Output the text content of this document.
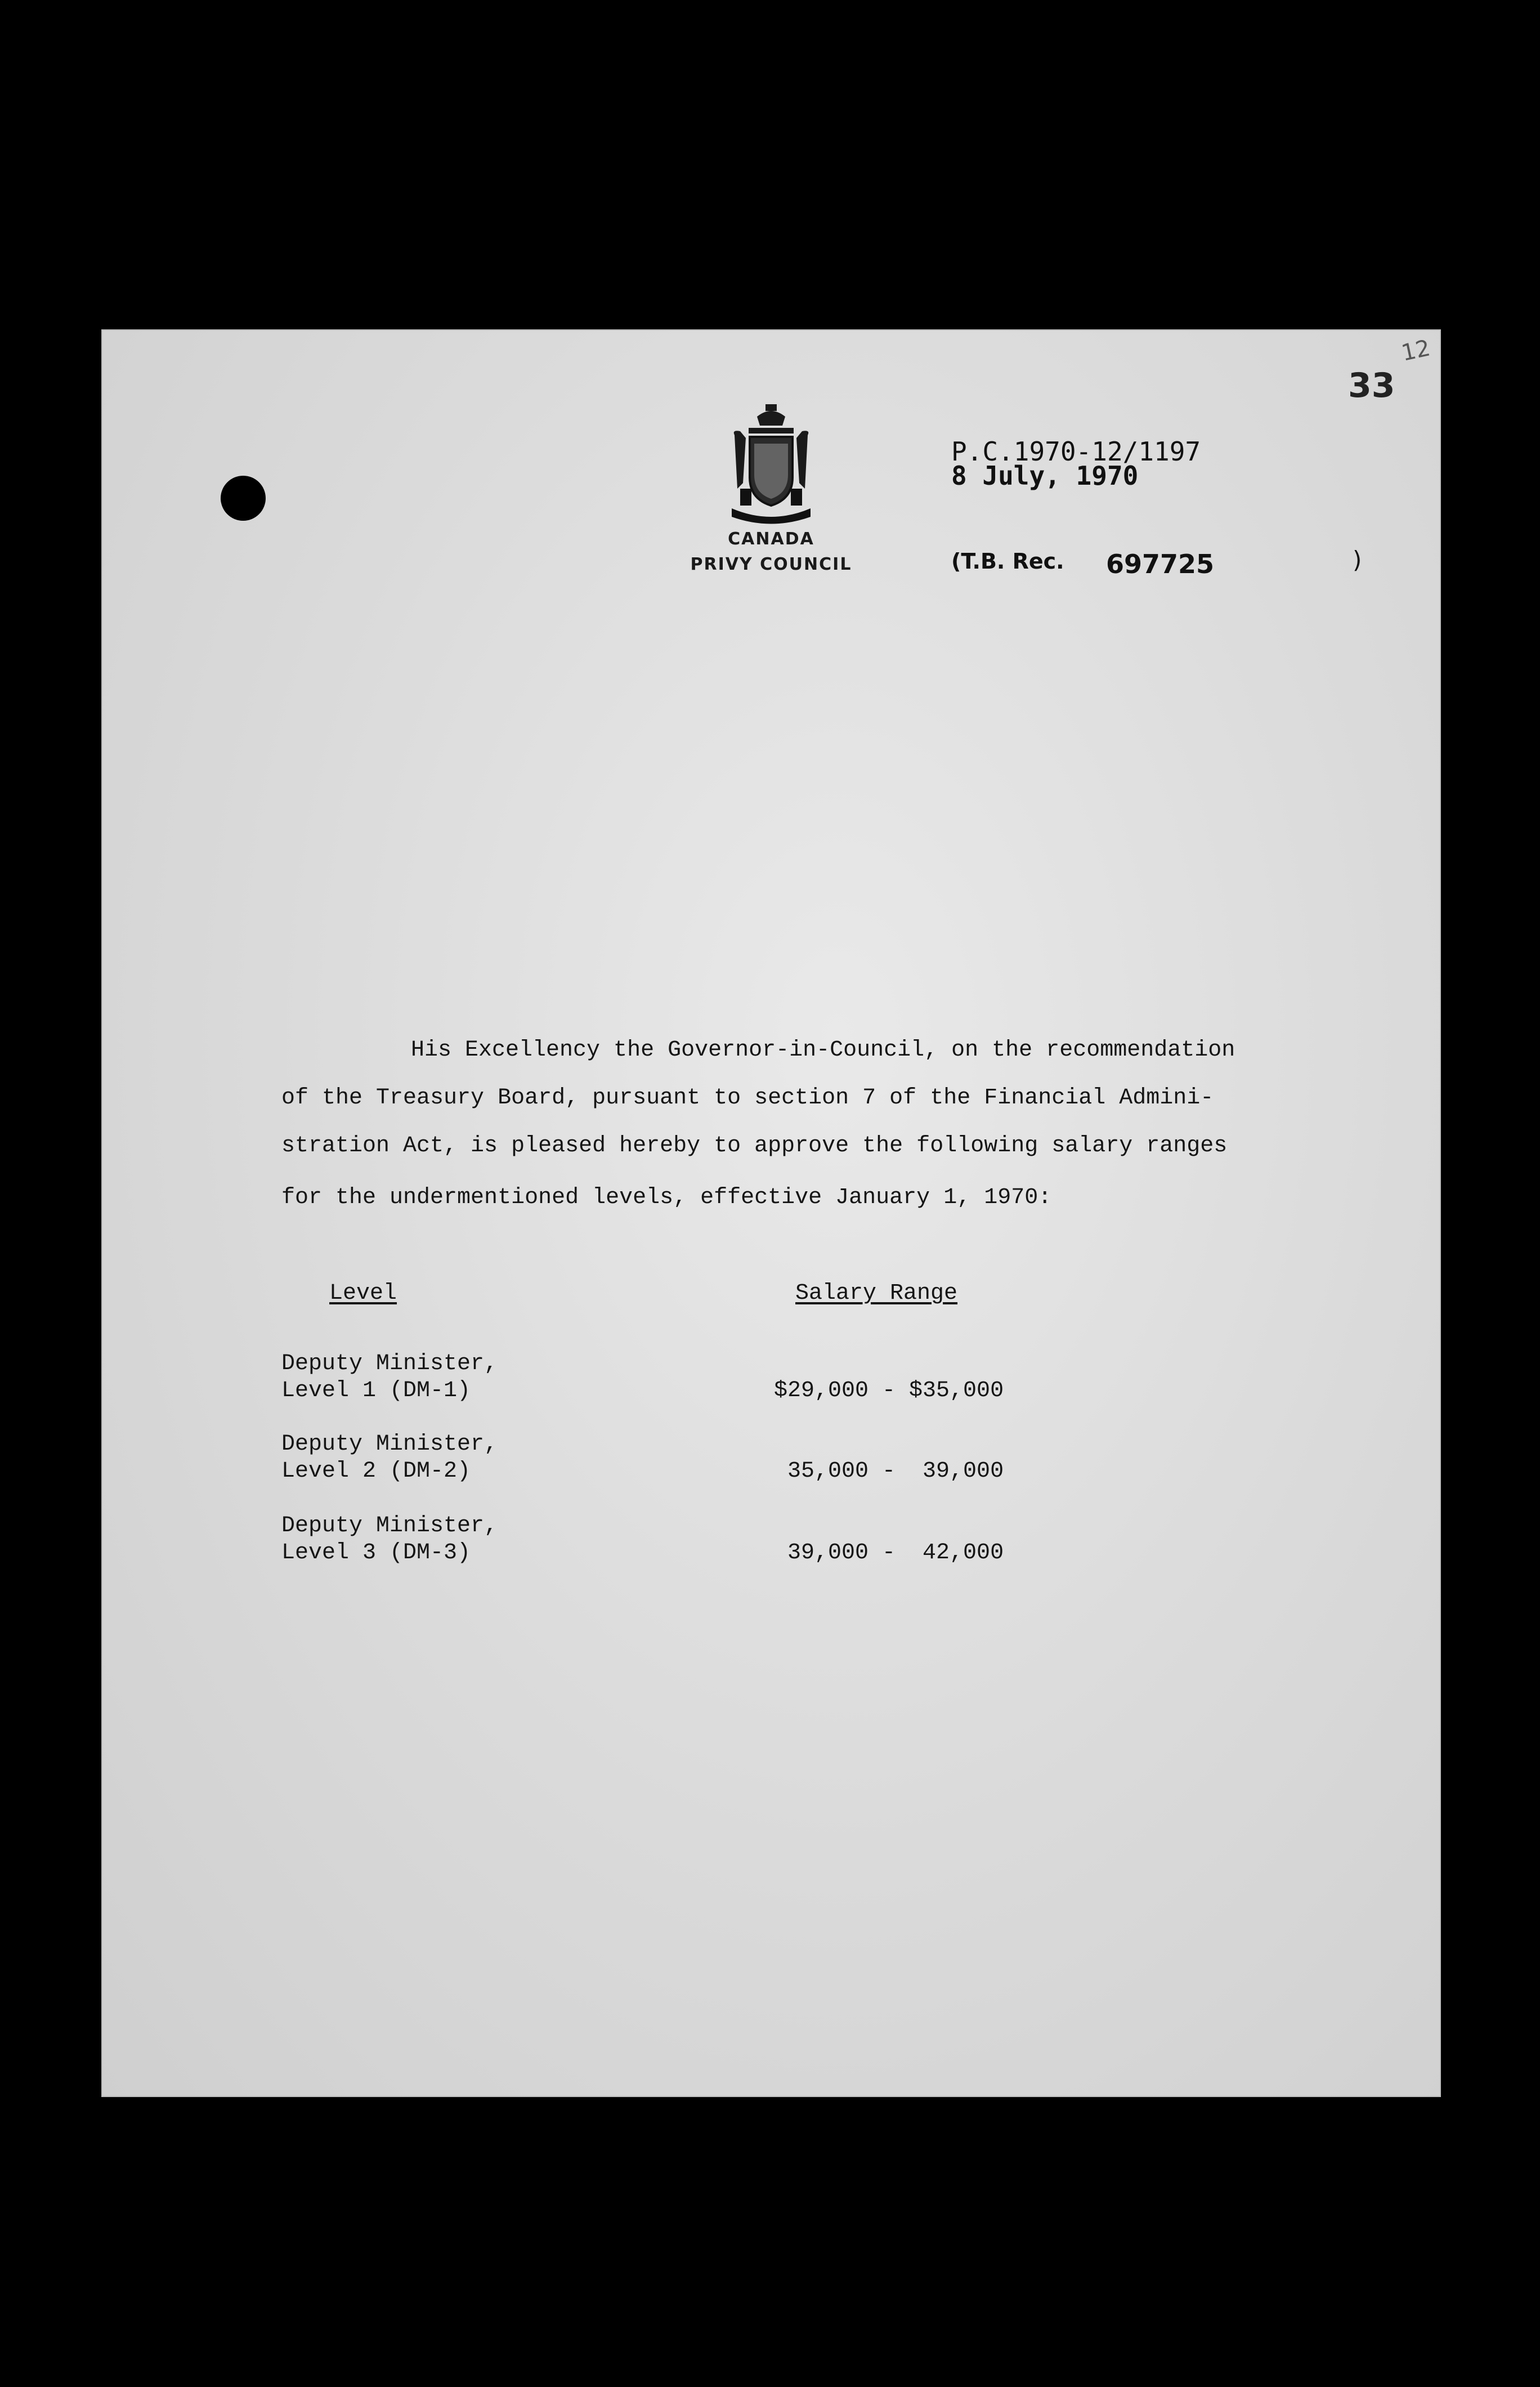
33
12
CANADA
PRIVY COUNCIL
P.C.1970-12/1197
8 July, 1970
(T.B. Rec. 697725	)
His Excellency the Governor-in-Council, on the recommendation
of the Treasury Board, pursuant to section 7 of the Financial Admini-
stration Act, is pleased hereby to approve the following salary ranges
for the undermentioned levels, effective January 1, 1970:
Level	Salary Range
Deputy Minister,
Level 1 (DM-1)	$29,000 - $35,000
Deputy Minister,
Level 2 (DM-2)	35,000 -  39,000
Deputy Minister,
Level 3 (DM-3)	39,000 -  42,000
